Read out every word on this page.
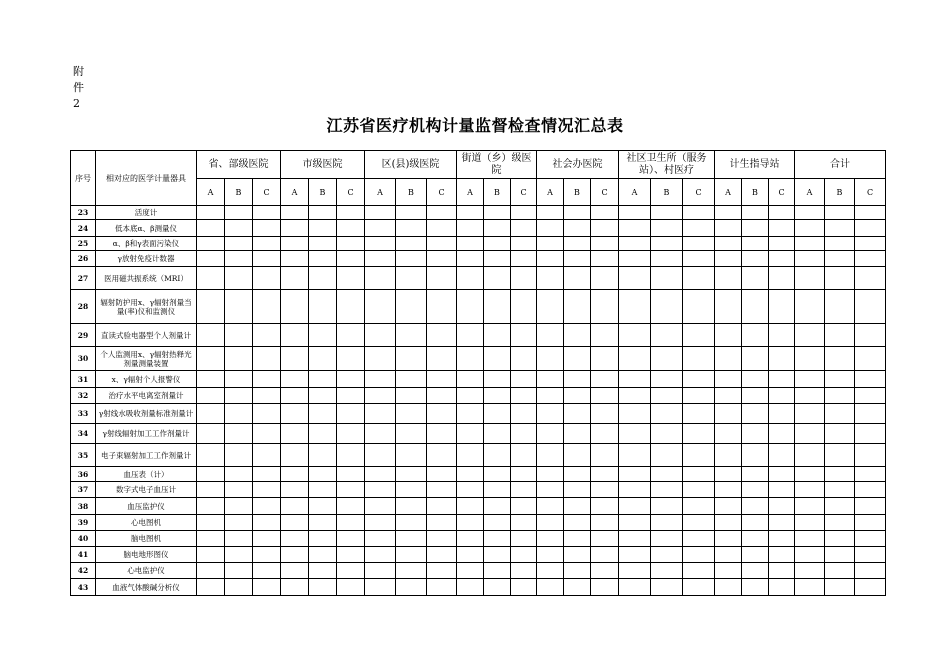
附
件
2
江苏省医疗机构计量监督检查情况汇总表
序号	相对应的医学计量器具	省、部级医院			市级医院			区(县)级医院			街道（乡）级医院			社会办医院			社区卫生所（服务站）、村医疗			计生指导站			合计		
		A	B	C	A	B	C	A	B	C	A	B	C	A	B	C	A	B	C	A	B	C	A	B	C
23	活度计																								
24	低本底α、β测量仪																								
25	α、β和γ表面污染仪																								
26	γ放射免疫计数器																								
27	医用磁共振系统（MRI）																								
28	辐射防护用x、γ辐射剂量当量(率)仪和监测仪																								
29	直读式验电器型个人剂量计																								
30	个人监测用x、γ辐射热释光剂量测量装置																								
31	x、γ辐射个人报警仪																								
32	治疗水平电离室剂量计																								
33	γ射线水吸收剂量标准剂量计																								
34	γ射线辐射加工工作剂量计																								
35	电子束辐射加工工作剂量计																								
36	血压表（计）																								
37	数字式电子血压计																								
38	血压监护仪																								
39	心电图机																								
40	脑电图机																								
41	脑电地形图仪																								
42	心电监护仪																								
43	血液气体酸碱分析仪																								
